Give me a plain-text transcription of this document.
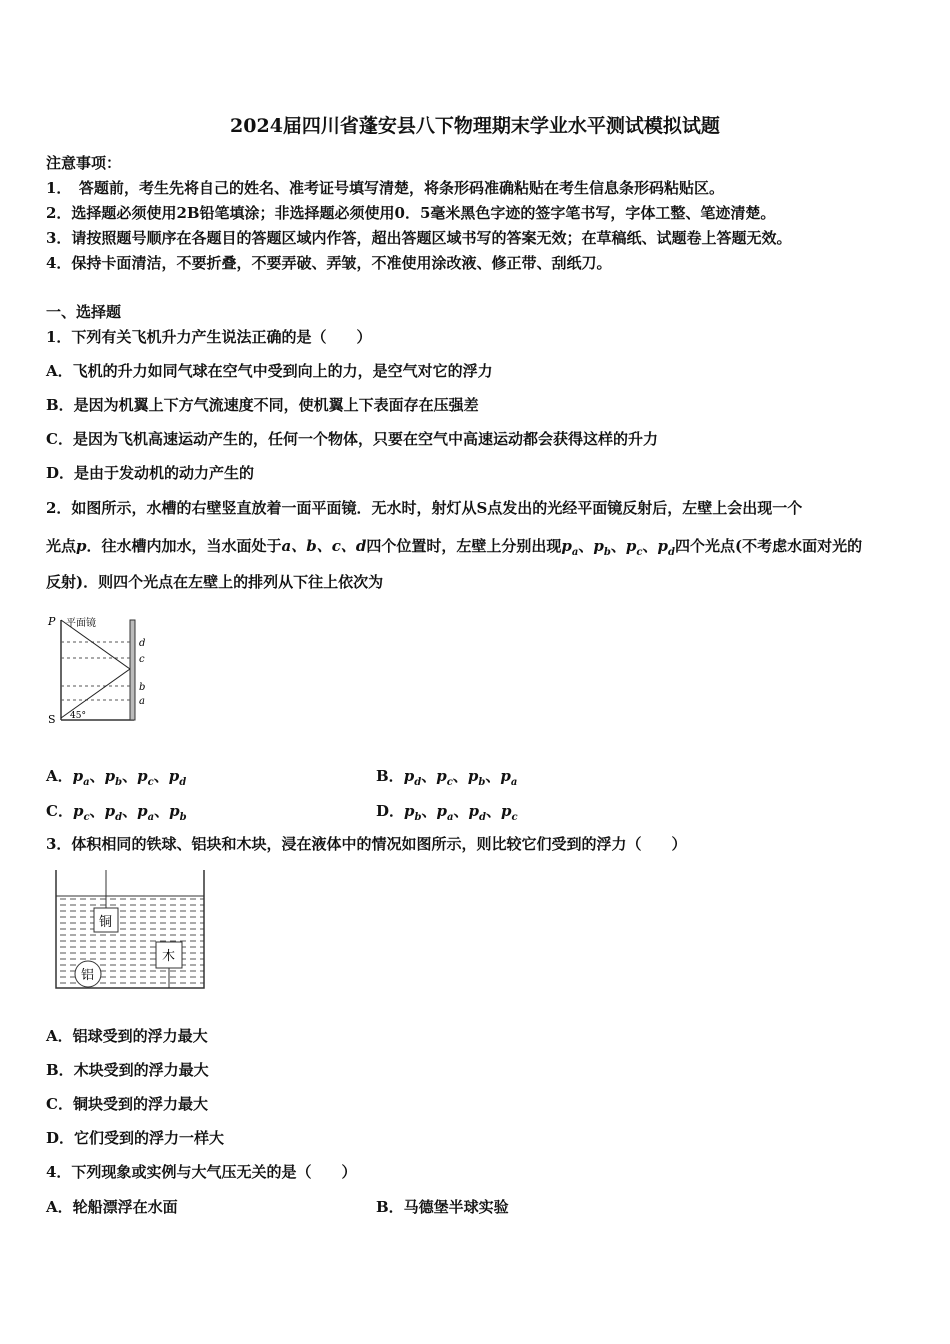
2024届四川省蓬安县八下物理期末学业水平测试模拟试题
注意事项：
1．　答题前，考生先将自己的姓名、准考证号填写清楚，将条形码准确粘贴在考生信息条形码粘贴区。
2．选择题必须使用2B铅笔填涂；非选择题必须使用0．5毫米黑色字迹的签字笔书写，字体工整、笔迹清楚。
3．请按照题号顺序在各题目的答题区域内作答，超出答题区域书写的答案无效；在草稿纸、试题卷上答题无效。
4．保持卡面清洁，不要折叠，不要弄破、弄皱，不准使用涂改液、修正带、刮纸刀。
一、选择题
1．下列有关飞机升力产生说法正确的是（　　）
A．飞机的升力如同气球在空气中受到向上的力，是空气对它的浮力
B．是因为机翼上下方气流速度不同，使机翼上下表面存在压强差
C．是因为飞机高速运动产生的，任何一个物体，只要在空气中高速运动都会获得这样的升力
D．是由于发动机的动力产生的
2．如图所示，水槽的右壁竖直放着一面平面镜．无水时，射灯从S点发出的光经平面镜反射后，左壁上会出现一个
光点p．往水槽内加水，当水面处于a、b、c、d四个位置时，左壁上分别出现$p_a$、$p_b$、$p_c$、$p_d$四个光点(不考虑水面对光的
反射)．则四个光点在左壁上的排列从下往上依次为
P 平面镜
S 45°
d
c
b
a
A．$p_a$、$p_b$、$p_c$、$p_d$	B．$p_d$、$p_c$、$p_b$、$p_a$
C．$p_c$、$p_d$、$p_a$、$p_b$	D．$p_b$、$p_a$、$p_d$、$p_c$
3．体积相同的铁球、铝块和木块，浸在液体中的情况如图所示，则比较它们受到的浮力（　　）
铜
木
铝
A．铝球受到的浮力最大
B．木块受到的浮力最大
C．铜块受到的浮力最大
D．它们受到的浮力一样大
4．下列现象或实例与大气压无关的是（　　）
A．轮船漂浮在水面	B．马德堡半球实验
